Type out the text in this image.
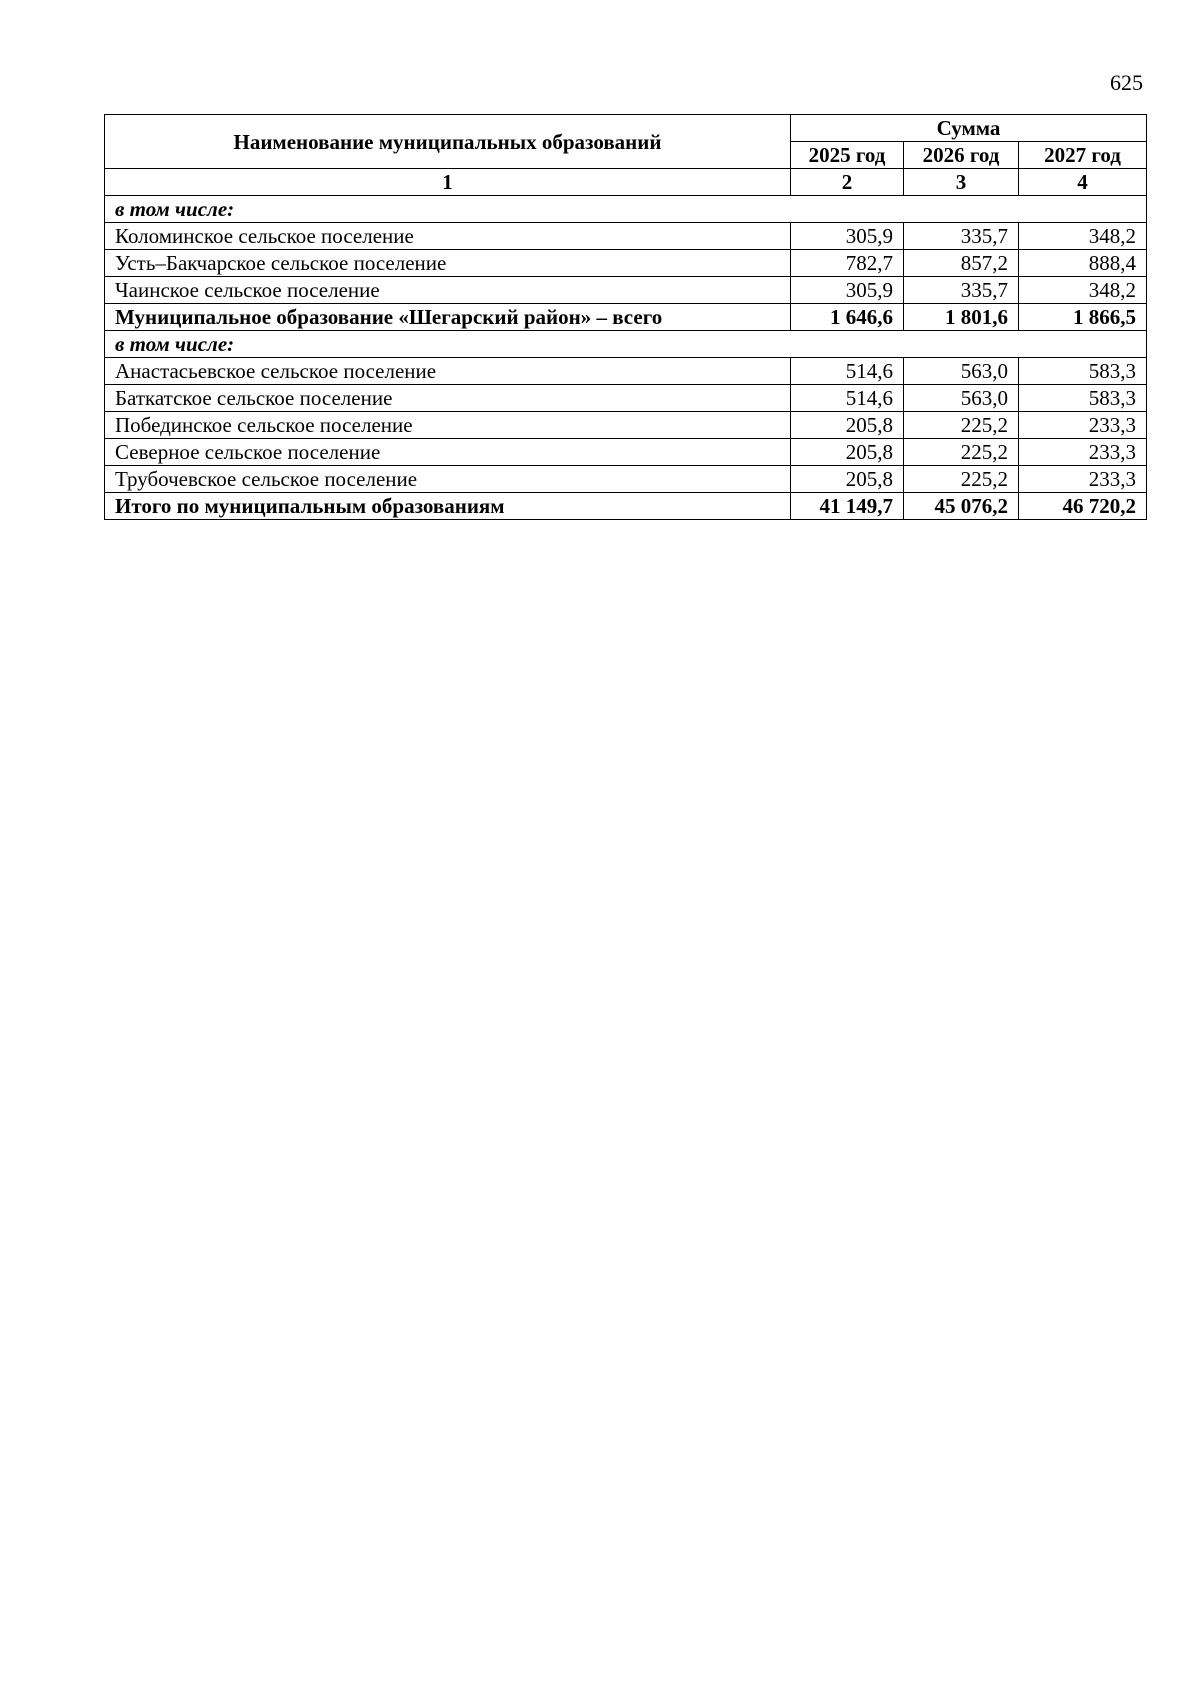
625
Наименование муниципальных образований	Сумма		
	2025 год	2026 год	2027 год
1	2	3	4
в том числе:			
Коломинское сельское поселение	305,9	335,7	348,2
Усть–Бакчарское сельское поселение	782,7	857,2	888,4
Чаинское сельское поселение	305,9	335,7	348,2
Муниципальное образование «Шегарский район» – всего	1 646,6	1 801,6	1 866,5
в том числе:			
Анастасьевское сельское поселение	514,6	563,0	583,3
Баткатское сельское поселение	514,6	563,0	583,3
Побединское сельское поселение	205,8	225,2	233,3
Северное сельское поселение	205,8	225,2	233,3
Трубочевское сельское поселение	205,8	225,2	233,3
Итого по муниципальным образованиям	41 149,7	45 076,2	46 720,2
